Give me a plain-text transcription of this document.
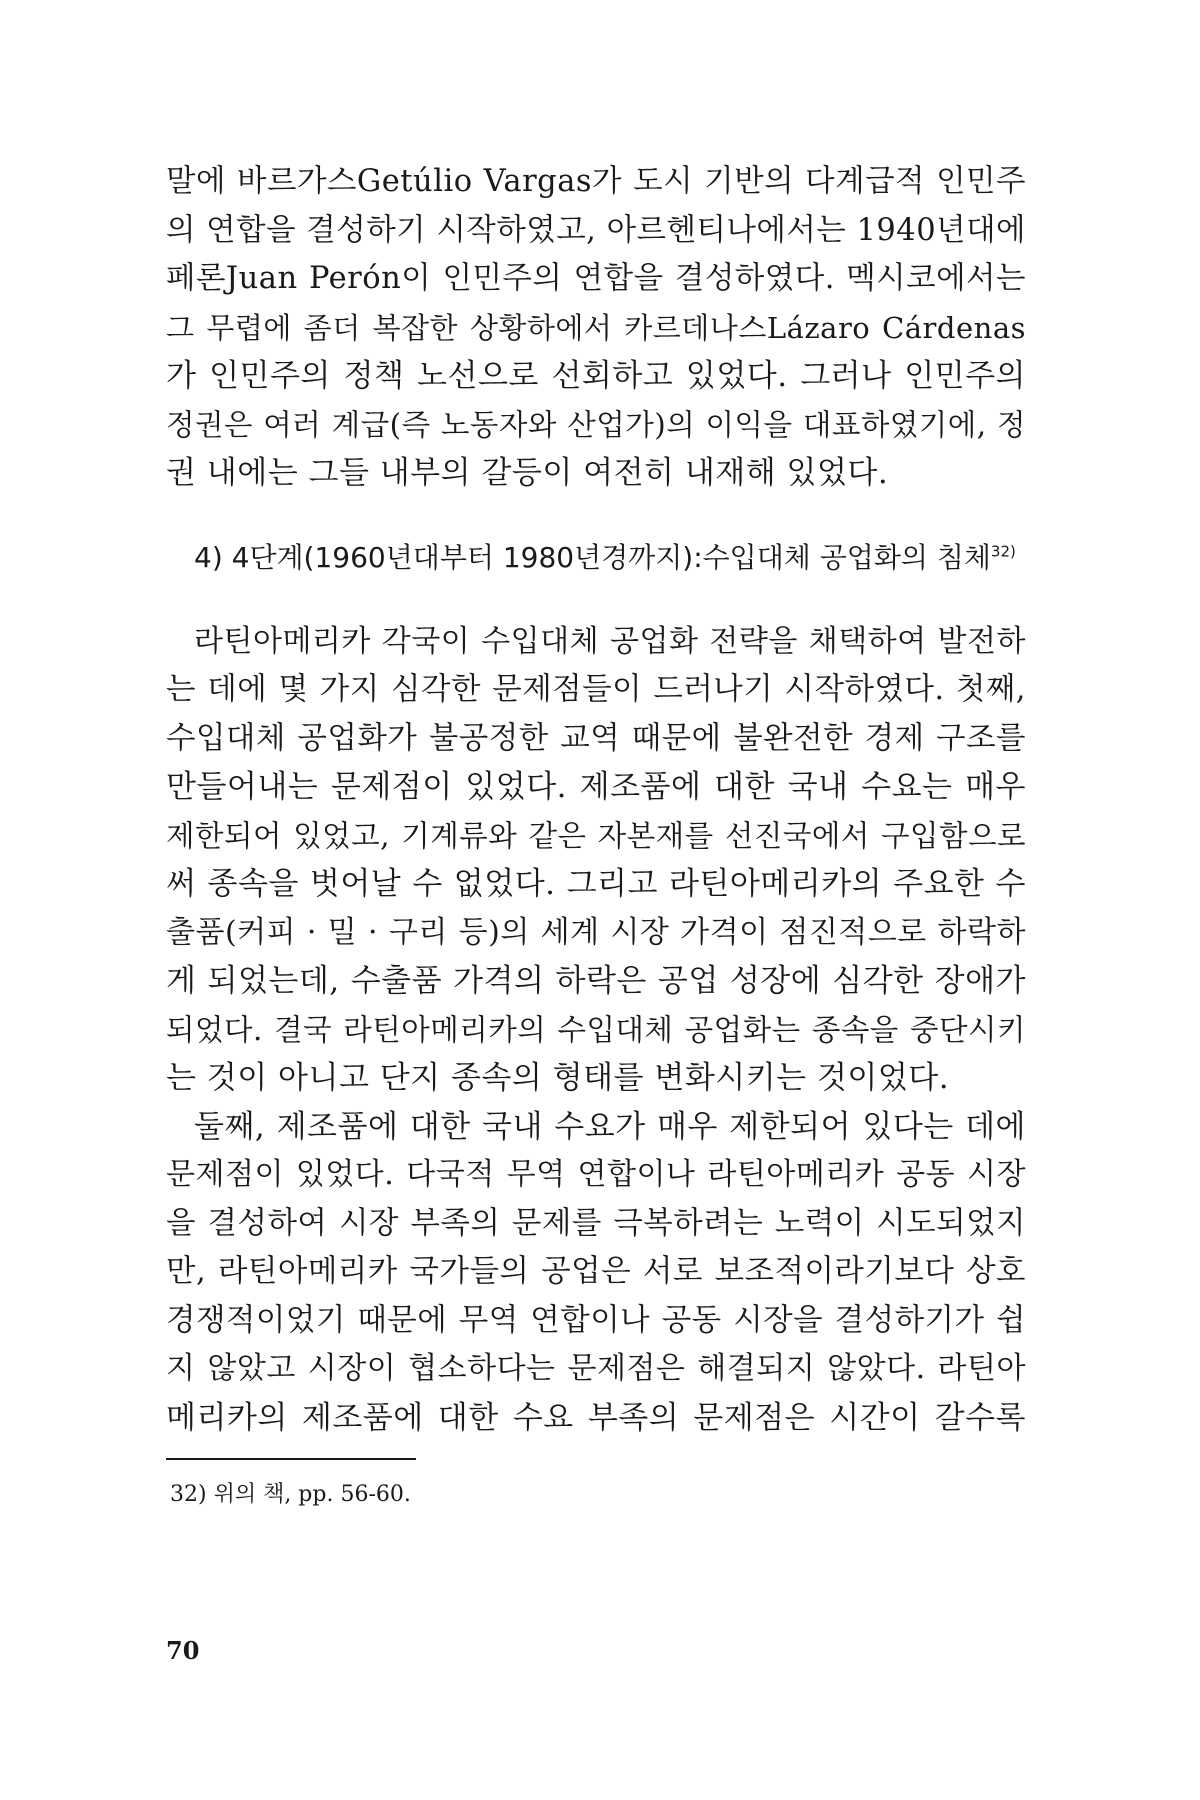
말에 바르가스Getúlio Vargas가 도시 기반의 다계급적 인민주
의 연합을 결성하기 시작하였고, 아르헨티나에서는 1940년대에
페론Juan Perón이 인민주의 연합을 결성하였다. 멕시코에서는
그 무렵에 좀더 복잡한 상황하에서 카르데나스Lázaro Cárdenas
가 인민주의 정책 노선으로 선회하고 있었다. 그러나 인민주의
정권은 여러 계급(즉 노동자와 산업가)의 이익을 대표하였기에, 정
권 내에는 그들 내부의 갈등이 여전히 내재해 있었다.
4) 4단계(1960년대부터 1980년경까지):수입대체 공업화의 침체$^{32)}$
라틴아메리카 각국이 수입대체 공업화 전략을 채택하여 발전하
는 데에 몇 가지 심각한 문제점들이 드러나기 시작하였다. 첫째,
수입대체 공업화가 불공정한 교역 때문에 불완전한 경제 구조를
만들어내는 문제점이 있었다. 제조품에 대한 국내 수요는 매우
제한되어 있었고, 기계류와 같은 자본재를 선진국에서 구입함으로
써 종속을 벗어날 수 없었다. 그리고 라틴아메리카의 주요한 수
출품(커피 · 밀 · 구리 등)의 세계 시장 가격이 점진적으로 하락하
게 되었는데, 수출품 가격의 하락은 공업 성장에 심각한 장애가
되었다. 결국 라틴아메리카의 수입대체 공업화는 종속을 중단시키
는 것이 아니고 단지 종속의 형태를 변화시키는 것이었다.
둘째, 제조품에 대한 국내 수요가 매우 제한되어 있다는 데에
문제점이 있었다. 다국적 무역 연합이나 라틴아메리카 공동 시장
을 결성하여 시장 부족의 문제를 극복하려는 노력이 시도되었지
만, 라틴아메리카 국가들의 공업은 서로 보조적이라기보다 상호
경쟁적이었기 때문에 무역 연합이나 공동 시장을 결성하기가 쉽
지 않았고 시장이 협소하다는 문제점은 해결되지 않았다. 라틴아
메리카의 제조품에 대한 수요 부족의 문제점은 시간이 갈수록
32) 위의 책, pp. 56-60.
70
